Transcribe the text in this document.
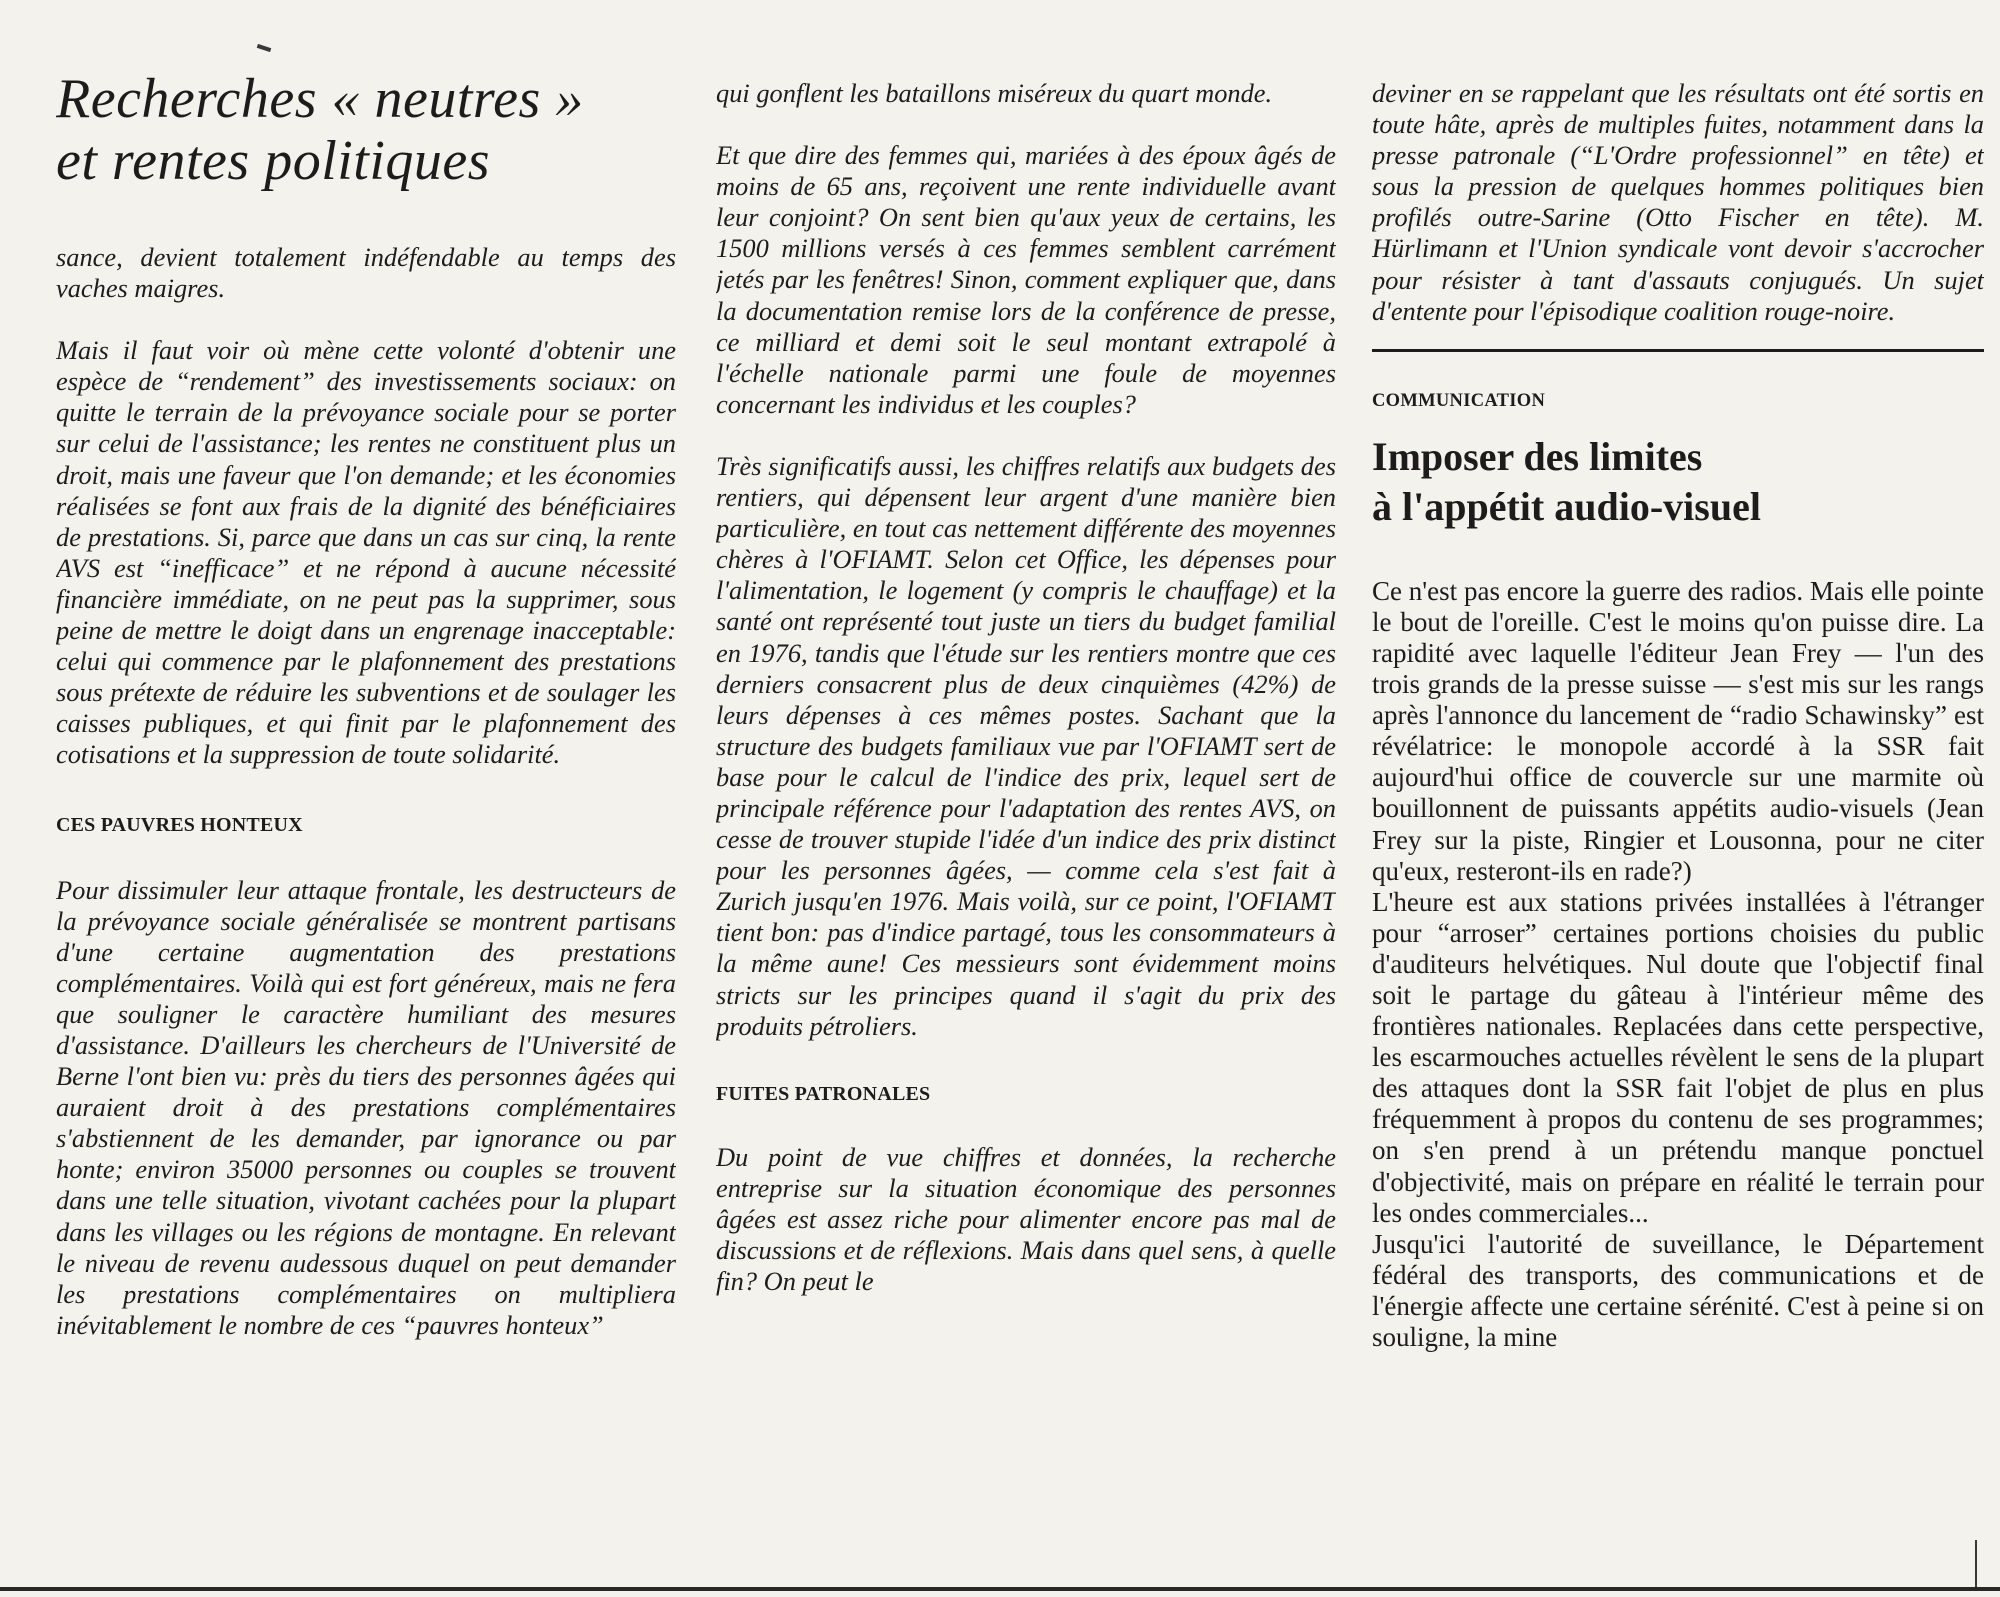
Recherches « neutres »
et rentes politiques

sance, devient totalement indéfendable au temps des vaches maigres.

Mais il faut voir où mène cette volonté d'obtenir une espèce de “rendement” des investissements sociaux: on quitte le terrain de la prévoyance sociale pour se porter sur celui de l'assistance; les rentes ne constituent plus un droit, mais une faveur que l'on demande; et les économies réalisées se font aux frais de la dignité des bénéficiaires de prestations. Si, parce que dans un cas sur cinq, la rente AVS est “inefficace” et ne répond à aucune nécessité financière immédiate, on ne peut pas la supprimer, sous peine de mettre le doigt dans un engrenage inacceptable: celui qui commence par le plafonnement des prestations sous prétexte de réduire les subventions et de soulager les caisses publiques, et qui finit par le plafonnement des cotisations et la suppression de toute solidarité.

CES PAUVRES HONTEUX

Pour dissimuler leur attaque frontale, les destructeurs de la prévoyance sociale généralisée se montrent partisans d'une certaine augmentation des prestations complémentaires. Voilà qui est fort généreux, mais ne fera que souligner le caractère humiliant des mesures d'assistance. D'ailleurs les chercheurs de l'Université de Berne l'ont bien vu: près du tiers des personnes âgées qui auraient droit à des prestations complémentaires s'abstiennent de les demander, par ignorance ou par honte; environ 35000 personnes ou couples se trouvent dans une telle situation, vivotant cachées pour la plupart dans les villages ou les régions de montagne. En relevant le niveau de revenu audessous duquel on peut demander les prestations complémentaires on multipliera inévitablement le nombre de ces “pauvres honteux”

qui gonflent les bataillons miséreux du quart monde.

Et que dire des femmes qui, mariées à des époux âgés de moins de 65 ans, reçoivent une rente individuelle avant leur conjoint? On sent bien qu'aux yeux de certains, les 1500 millions versés à ces femmes semblent carrément jetés par les fenêtres! Sinon, comment expliquer que, dans la documentation remise lors de la conférence de presse, ce milliard et demi soit le seul montant extrapolé à l'échelle nationale parmi une foule de moyennes concernant les individus et les couples?

Très significatifs aussi, les chiffres relatifs aux budgets des rentiers, qui dépensent leur argent d'une manière bien particulière, en tout cas nettement différente des moyennes chères à l'OFIAMT. Selon cet Office, les dépenses pour l'alimentation, le logement (y compris le chauffage) et la santé ont représenté tout juste un tiers du budget familial en 1976, tandis que l'étude sur les rentiers montre que ces derniers consacrent plus de deux cinquièmes (42%) de leurs dépenses à ces mêmes postes. Sachant que la structure des budgets familiaux vue par l'OFIAMT sert de base pour le calcul de l'indice des prix, lequel sert de principale référence pour l'adaptation des rentes AVS, on cesse de trouver stupide l'idée d'un indice des prix distinct pour les personnes âgées, — comme cela s'est fait à Zurich jusqu'en 1976. Mais voilà, sur ce point, l'OFIAMT tient bon: pas d'indice partagé, tous les consommateurs à la même aune! Ces messieurs sont évidemment moins stricts sur les principes quand il s'agit du prix des produits pétroliers.

FUITES PATRONALES

Du point de vue chiffres et données, la recherche entreprise sur la situation économique des personnes âgées est assez riche pour alimenter encore pas mal de discussions et de réflexions. Mais dans quel sens, à quelle fin? On peut le

deviner en se rappelant que les résultats ont été sortis en toute hâte, après de multiples fuites, notamment dans la presse patronale (“L'Ordre professionnel” en tête) et sous la pression de quelques hommes politiques bien profilés outre-Sarine (Otto Fischer en tête). M. Hürlimann et l'Union syndicale vont devoir s'accrocher pour résister à tant d'assauts conjugués. Un sujet d'entente pour l'épisodique coalition rouge-noire.

COMMUNICATION

Imposer des limites
à l'appétit audio-visuel

Ce n'est pas encore la guerre des radios. Mais elle pointe le bout de l'oreille. C'est le moins qu'on puisse dire. La rapidité avec laquelle l'éditeur Jean Frey — l'un des trois grands de la presse suisse — s'est mis sur les rangs après l'annonce du lancement de “radio Schawinsky” est révélatrice: le monopole accordé à la SSR fait aujourd'hui office de couvercle sur une marmite où bouillonnent de puissants appétits audio-visuels (Jean Frey sur la piste, Ringier et Lousonna, pour ne citer qu'eux, resteront-ils en rade?)

L'heure est aux stations privées installées à l'étranger pour “arroser” certaines portions choisies du public d'auditeurs helvétiques. Nul doute que l'objectif final soit le partage du gâteau à l'intérieur même des frontières nationales. Replacées dans cette perspective, les escarmouches actuelles révèlent le sens de la plupart des attaques dont la SSR fait l'objet de plus en plus fréquemment à propos du contenu de ses programmes; on s'en prend à un prétendu manque ponctuel d'objectivité, mais on prépare en réalité le terrain pour les ondes commerciales...

Jusqu'ici l'autorité de suveillance, le Département fédéral des transports, des communications et de l'énergie affecte une certaine sérénité. C'est à peine si on souligne, la mine
